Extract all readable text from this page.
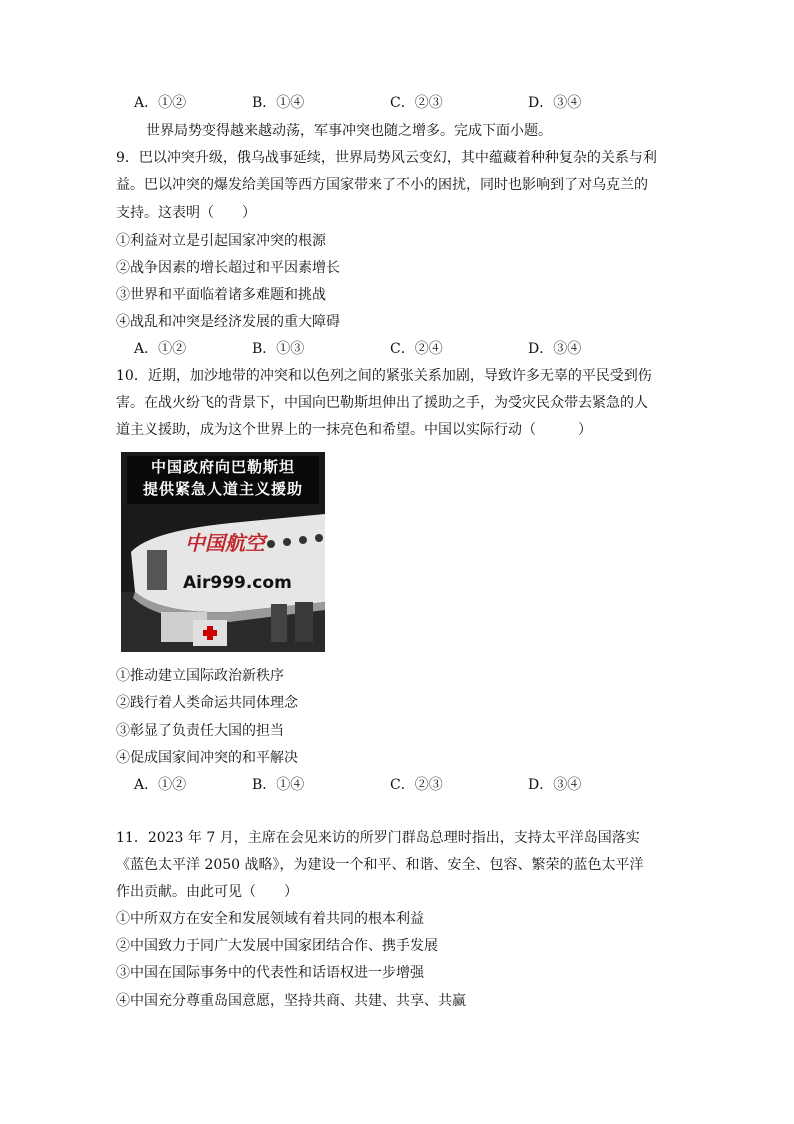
A．①②	B．①④	C．②③	D．③④
世界局势变得越来越动荡，军事冲突也随之增多。完成下面小题。
9．巴以冲突升级，俄乌战事延续，世界局势风云变幻，其中蕴藏着种种复杂的关系与利
益。巴以冲突的爆发给美国等西方国家带来了不小的困扰，同时也影响到了对乌克兰的
支持。这表明（　　）
①利益对立是引起国家冲突的根源
②战争因素的增长超过和平因素增长
③世界和平面临着诸多难题和挑战
④战乱和冲突是经济发展的重大障碍
A．①②	B．①③	C．②④	D．③④
10．近期，加沙地带的冲突和以色列之间的紧张关系加剧，导致许多无辜的平民受到伤
害。在战火纷飞的背景下，中国向巴勒斯坦伸出了援助之手，为受灾民众带去紧急的人
道主义援助，成为这个世界上的一抹亮色和希望。中国以实际行动（　　　）
中国航空
Air999.com
中国政府向巴勒斯坦
提供紧急人道主义援助
①推动建立国际政治新秩序
②践行着人类命运共同体理念
③彰显了负责任大国的担当
④促成国家间冲突的和平解决
A．①②	B．①④	C．②③	D．③④
11．2023 年 7 月，主席在会见来访的所罗门群岛总理时指出，支持太平洋岛国落实
《蓝色太平洋 2050 战略》，为建设一个和平、和谐、安全、包容、繁荣的蓝色太平洋
作出贡献。由此可见（　　）
①中所双方在安全和发展领域有着共同的根本利益
②中国致力于同广大发展中国家团结合作、携手发展
③中国在国际事务中的代表性和话语权进一步增强
④中国充分尊重岛国意愿，坚持共商、共建、共享、共赢
